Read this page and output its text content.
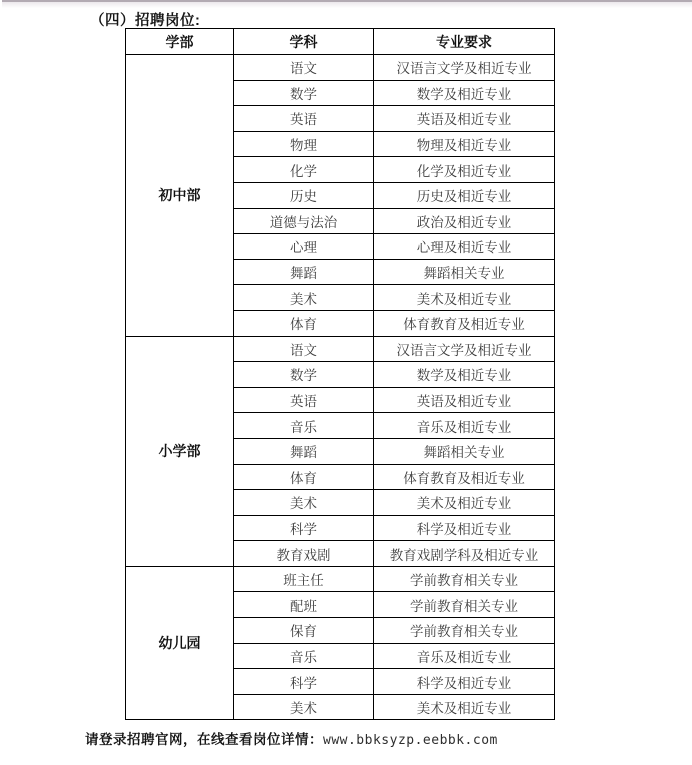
（四）招聘岗位:
学部	学科	专业要求
初中部	语文	汉语言文学及相近专业
	数学	数学及相近专业
	英语	英语及相近专业
	物理	物理及相近专业
	化学	化学及相近专业
	历史	历史及相近专业
	道德与法治	政治及相近专业
	心理	心理及相近专业
	舞蹈	舞蹈相关专业
	美术	美术及相近专业
	体育	体育教育及相近专业
小学部	语文	汉语言文学及相近专业
	数学	数学及相近专业
	英语	英语及相近专业
	音乐	音乐及相近专业
	舞蹈	舞蹈相关专业
	体育	体育教育及相近专业
	美术	美术及相近专业
	科学	科学及相近专业
	教育戏剧	教育戏剧学科及相近专业
幼儿园	班主任	学前教育相关专业
	配班	学前教育相关专业
	保育	学前教育相关专业
	音乐	音乐及相近专业
	科学	科学及相近专业
	美术	美术及相近专业
请登录招聘官网，在线查看岗位详情：www.bbksyzp.eebbk.com
